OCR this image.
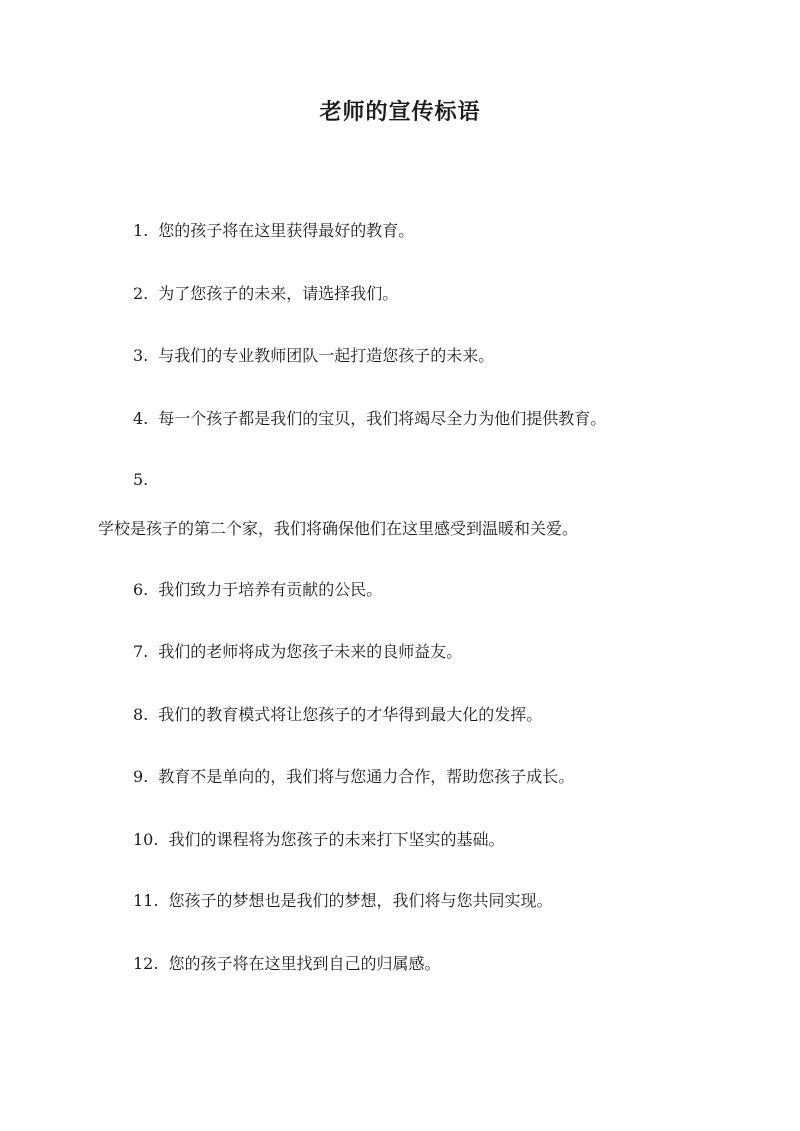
老师的宣传标语
1. 您的孩子将在这里获得最好的教育。
2. 为了您孩子的未来，请选择我们。
3. 与我们的专业教师团队一起打造您孩子的未来。
4. 每一个孩子都是我们的宝贝，我们将竭尽全力为他们提供教育。
5.
学校是孩子的第二个家，我们将确保他们在这里感受到温暖和关爱。
6. 我们致力于培养有贡献的公民。
7. 我们的老师将成为您孩子未来的良师益友。
8. 我们的教育模式将让您孩子的才华得到最大化的发挥。
9. 教育不是单向的，我们将与您通力合作，帮助您孩子成长。
10. 我们的课程将为您孩子的未来打下坚实的基础。
11. 您孩子的梦想也是我们的梦想，我们将与您共同实现。
12. 您的孩子将在这里找到自己的归属感。
